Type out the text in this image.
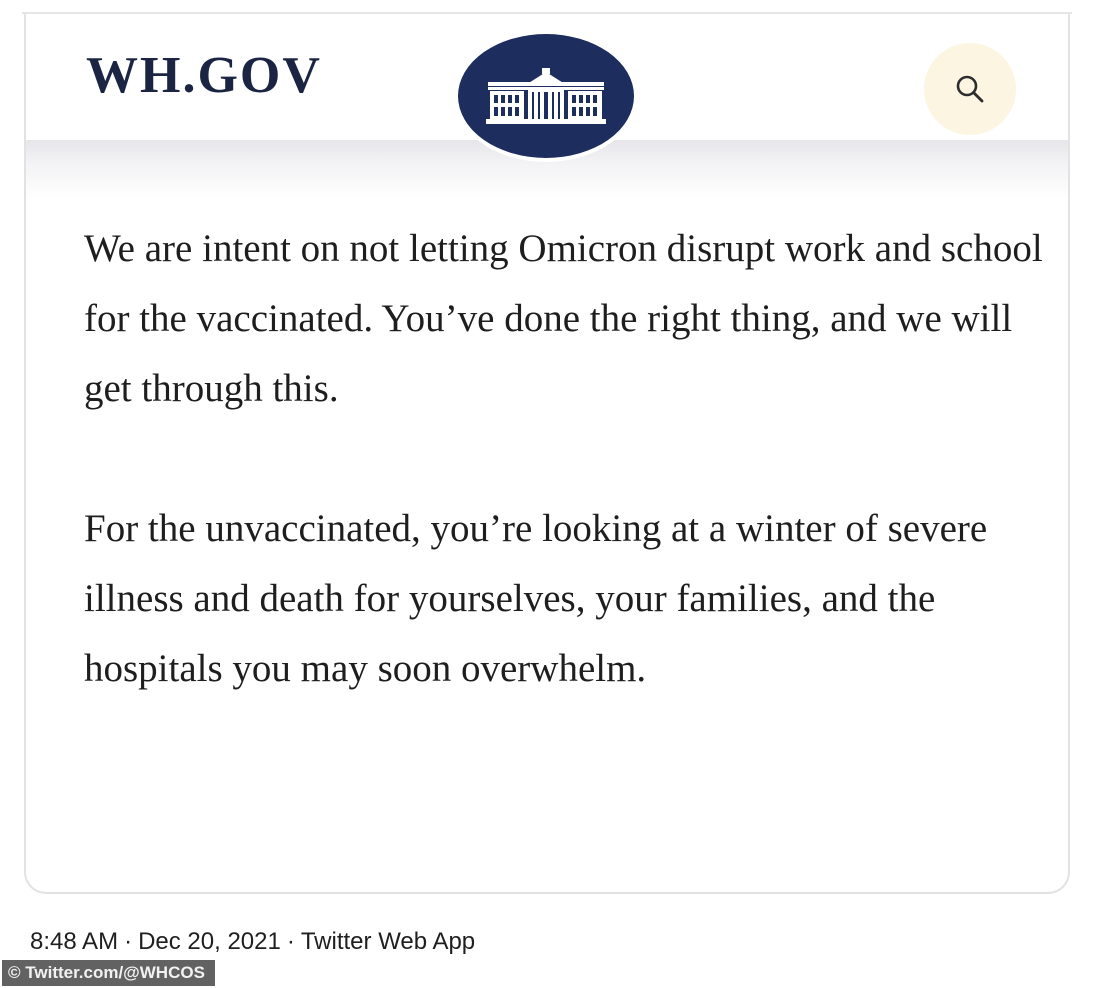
WH.GOV

We are intent on not letting Omicron disrupt work and school for the vaccinated. You’ve done the right thing, and we will get through this.

For the unvaccinated, you’re looking at a winter of severe illness and death for yourselves, your families, and the hospitals you may soon overwhelm.

8:48 AM · Dec 20, 2021 · Twitter Web App
© Twitter.com/@WHCOS
